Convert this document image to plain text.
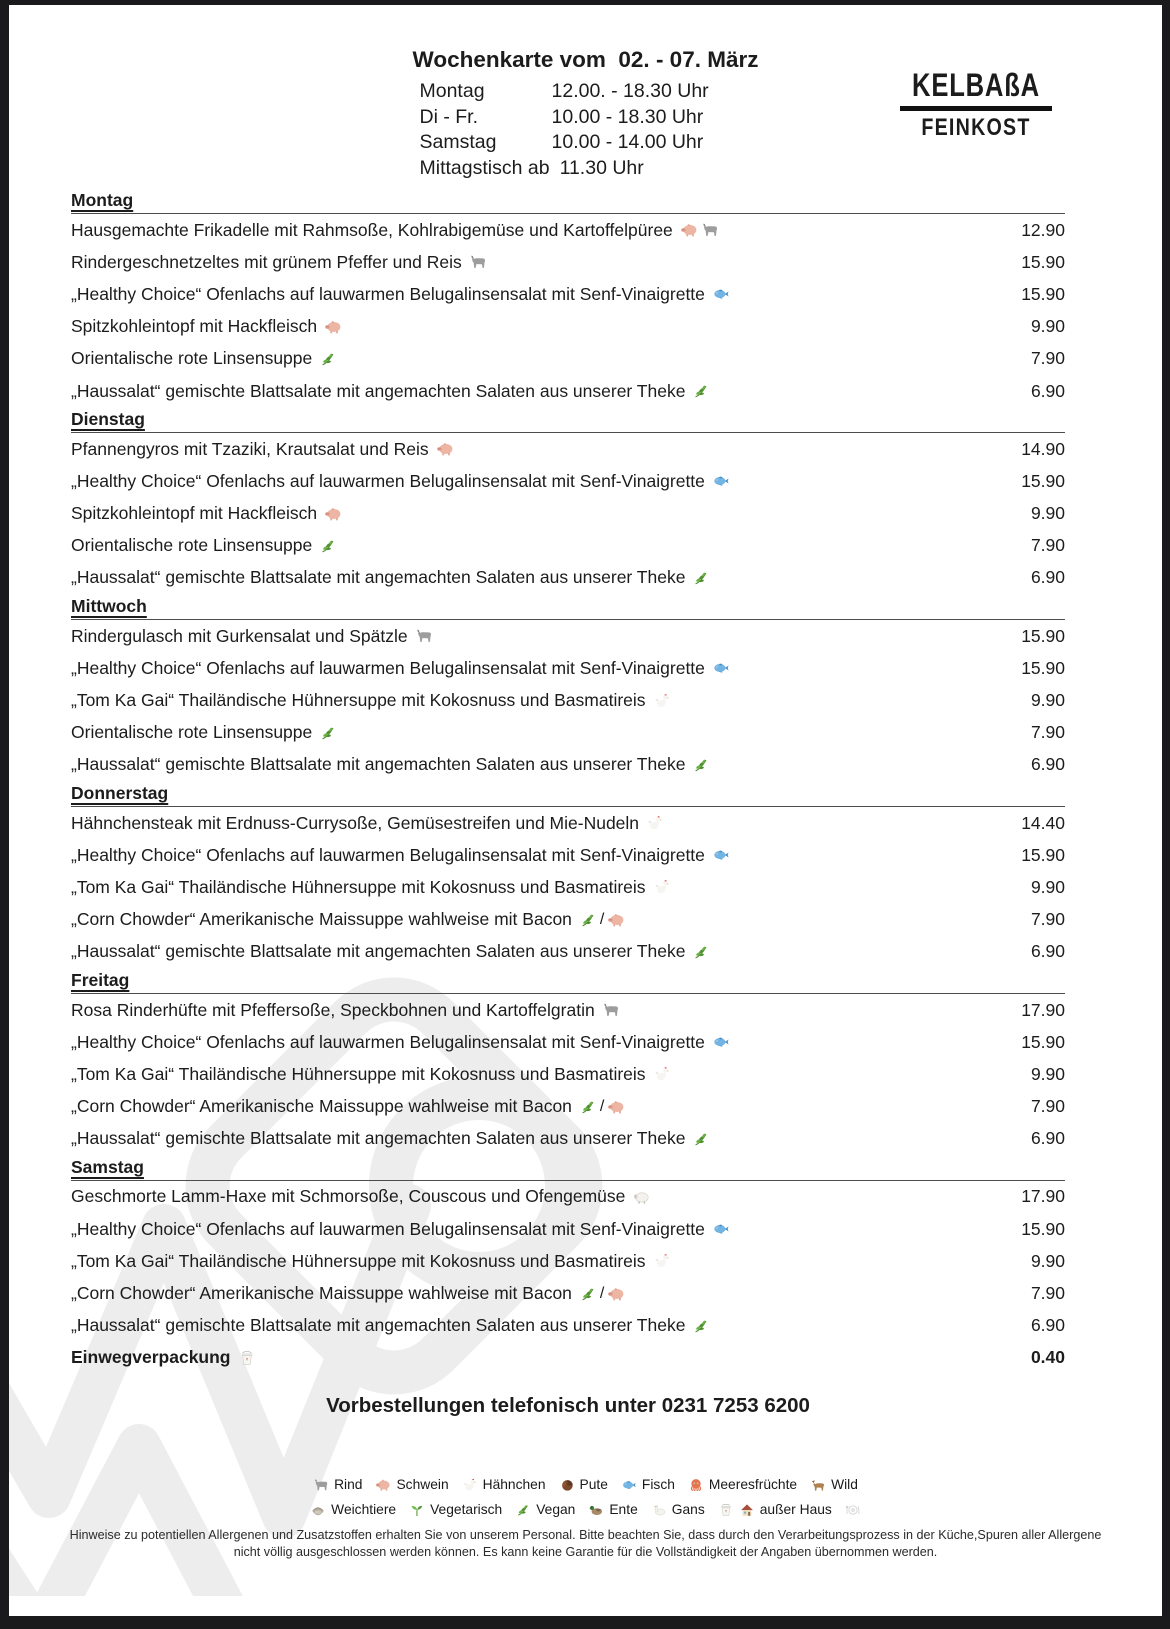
KELBAßA
FEINKOST
Wochenkarte vom  02. - 07. März
Montag	12.00. - 18.30 Uhr
Di - Fr.	10.00 - 18.30 Uhr
Samstag	10.00 - 14.00 Uhr
Mittagstisch ab 11.30 Uhr
Montag
Hausgemachte Frikadelle mit Rahmsoße, Kohlrabigemüse und Kartoffelpüree	12.90
Rindergeschnetzeltes mit grünem Pfeffer und Reis	15.90
„Healthy Choice“ Ofenlachs auf lauwarmen Belugalinsensalat mit Senf-Vinaigrette	15.90
Spitzkohleintopf mit Hackfleisch	9.90
Orientalische rote Linsensuppe	7.90
„Haussalat“ gemischte Blattsalate mit angemachten Salaten aus unserer Theke	6.90
Dienstag
Pfannengyros mit Tzaziki, Krautsalat und Reis	14.90
„Healthy Choice“ Ofenlachs auf lauwarmen Belugalinsensalat mit Senf-Vinaigrette	15.90
Spitzkohleintopf mit Hackfleisch	9.90
Orientalische rote Linsensuppe	7.90
„Haussalat“ gemischte Blattsalate mit angemachten Salaten aus unserer Theke	6.90
Mittwoch
Rindergulasch mit Gurkensalat und Spätzle	15.90
„Healthy Choice“ Ofenlachs auf lauwarmen Belugalinsensalat mit Senf-Vinaigrette	15.90
„Tom Ka Gai“ Thailändische Hühnersuppe mit Kokosnuss und Basmatireis	9.90
Orientalische rote Linsensuppe	7.90
„Haussalat“ gemischte Blattsalate mit angemachten Salaten aus unserer Theke	6.90
Donnerstag
Hähnchensteak mit Erdnuss-Currysoße, Gemüsestreifen und Mie-Nudeln	14.40
„Healthy Choice“ Ofenlachs auf lauwarmen Belugalinsensalat mit Senf-Vinaigrette	15.90
„Tom Ka Gai“ Thailändische Hühnersuppe mit Kokosnuss und Basmatireis	9.90
„Corn Chowder“ Amerikanische Maissuppe wahlweise mit Bacon /	7.90
„Haussalat“ gemischte Blattsalate mit angemachten Salaten aus unserer Theke	6.90
Freitag
Rosa Rinderhüfte mit Pfeffersoße, Speckbohnen und Kartoffelgratin	17.90
„Healthy Choice“ Ofenlachs auf lauwarmen Belugalinsensalat mit Senf-Vinaigrette	15.90
„Tom Ka Gai“ Thailändische Hühnersuppe mit Kokosnuss und Basmatireis	9.90
„Corn Chowder“ Amerikanische Maissuppe wahlweise mit Bacon /	7.90
„Haussalat“ gemischte Blattsalate mit angemachten Salaten aus unserer Theke	6.90
Samstag
Geschmorte Lamm-Haxe mit Schmorsoße, Couscous und Ofengemüse	17.90
„Healthy Choice“ Ofenlachs auf lauwarmen Belugalinsensalat mit Senf-Vinaigrette	15.90
„Tom Ka Gai“ Thailändische Hühnersuppe mit Kokosnuss und Basmatireis	9.90
„Corn Chowder“ Amerikanische Maissuppe wahlweise mit Bacon /	7.90
„Haussalat“ gemischte Blattsalate mit angemachten Salaten aus unserer Theke	6.90
Einwegverpackung	0.40
Vorbestellungen telefonisch unter 0231 7253 6200
Rind Schwein Hähnchen Pute Fisch Meeresfrüchte Wild
Weichtiere Vegetarisch Vegan Ente Gans	außer Haus
Hinweise zu potentiellen Allergenen und Zusatzstoffen erhalten Sie von unserem Personal. Bitte beachten Sie, dass durch den Verarbeitungsprozess in der Küche,Spuren aller Allergene nicht völlig ausgeschlossen werden können. Es kann keine Garantie für die Vollständigkeit der Angaben übernommen werden.
